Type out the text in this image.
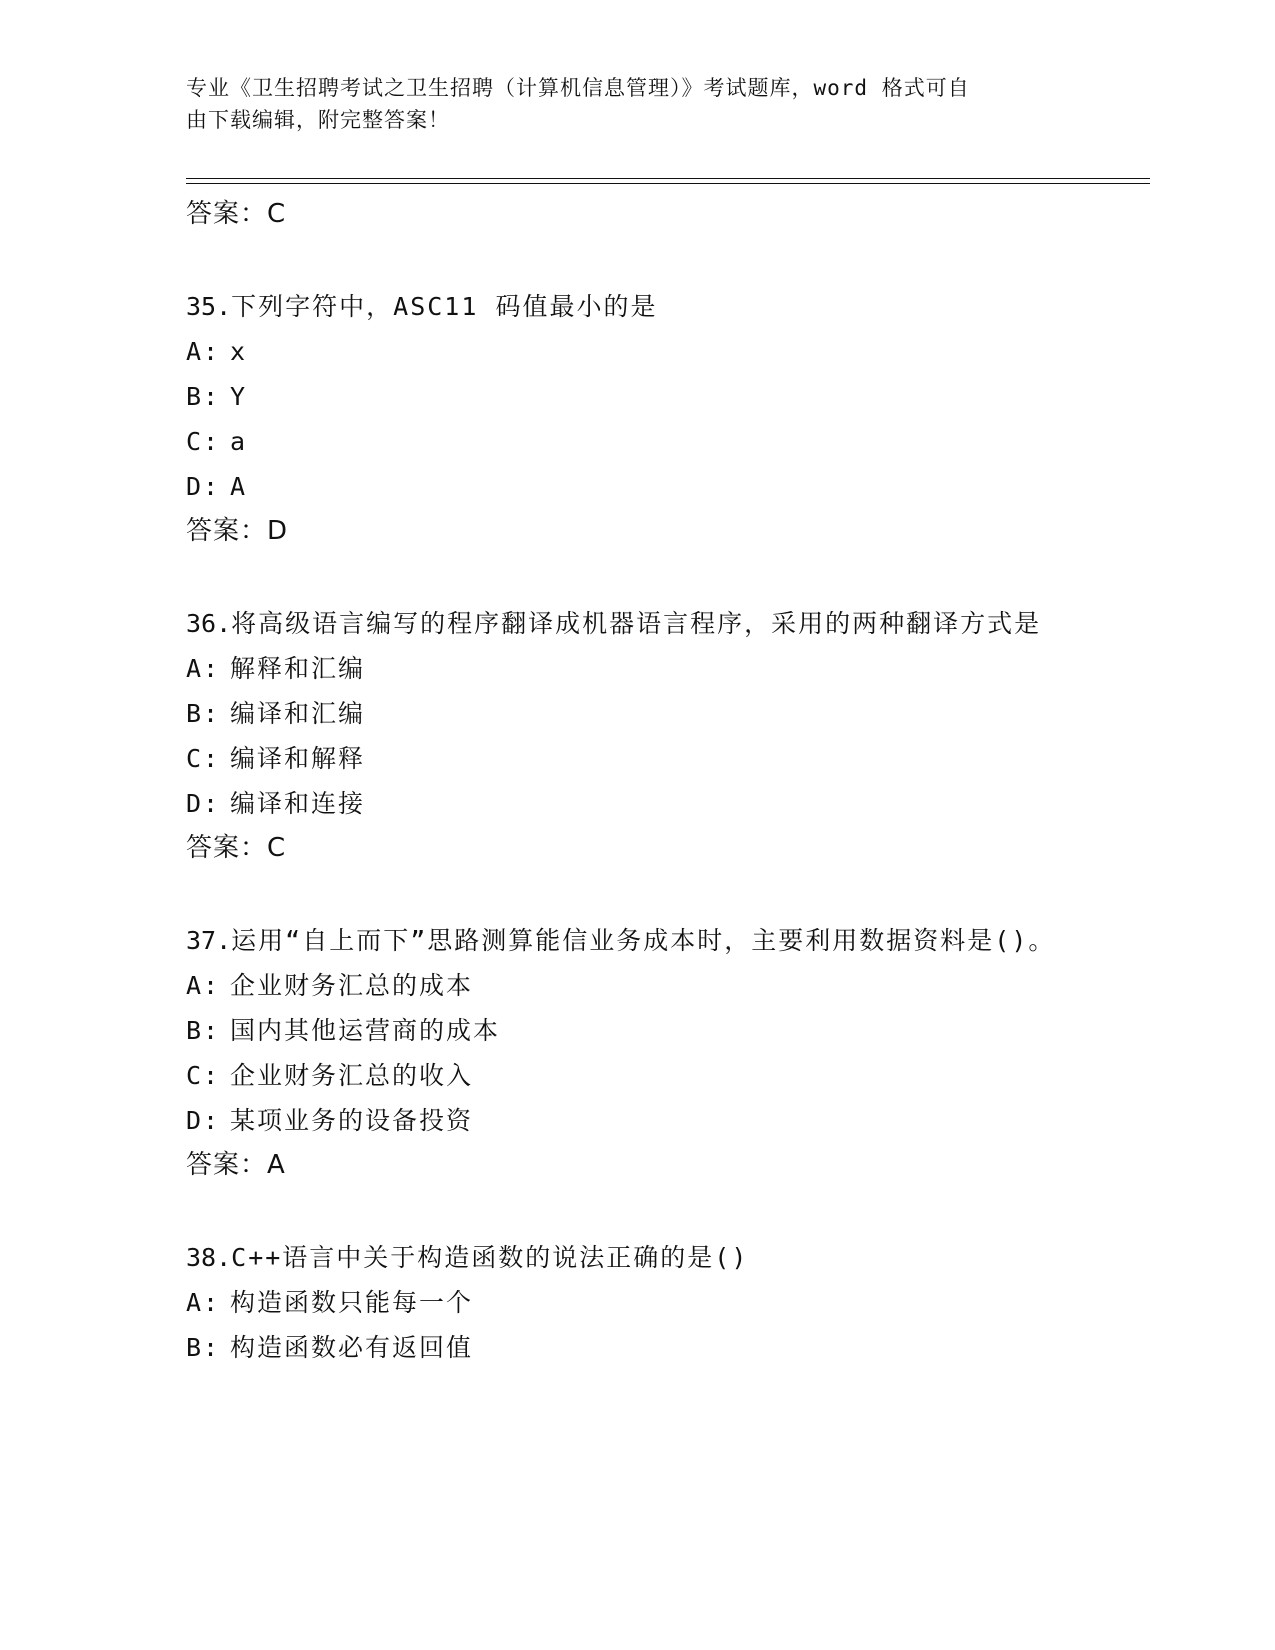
专业《卫生招聘考试之卫生招聘（计算机信息管理）》考试题库，word 格式可自
由下载编辑，附完整答案！
答案：C
35.下列字符中，ASC11 码值最小的是
A: x
B: Y
C: a
D: A
答案：D
36.将高级语言编写的程序翻译成机器语言程序，采用的两种翻译方式是
A: 解释和汇编
B: 编译和汇编
C: 编译和解释
D: 编译和连接
答案：C
37.运用“自上而下”思路测算能信业务成本时，主要利用数据资料是()。
A: 企业财务汇总的成本
B: 国内其他运营商的成本
C: 企业财务汇总的收入
D: 某项业务的设备投资
答案：A
38.C++语言中关于构造函数的说法正确的是()
A: 构造函数只能每一个
B: 构造函数必有返回值
